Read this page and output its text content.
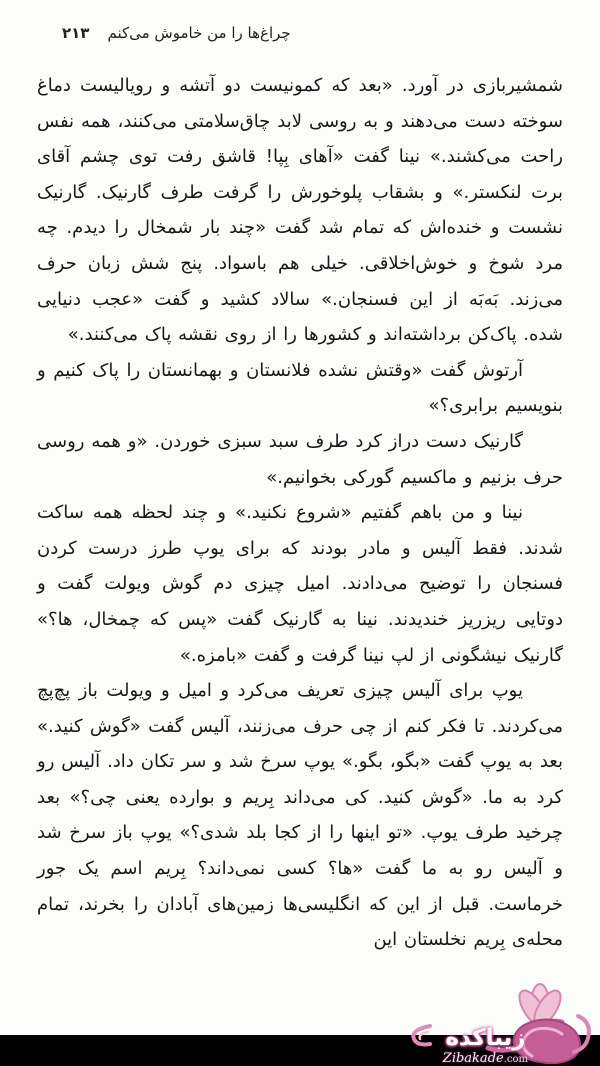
۲۱۳ چراغ‌ها را من خاموش می‌کنم

شمشیربازی در آورد. «بعد که کمونیست دو آتشه و رویالیست دماغ سوخته دست می‌دهند و به روسی لابد چاق‌سلامتی می‌کنند، همه نفس راحت می‌کشند.» نینا گفت «آهای بِپا! قاشق رفت توی چشم آقای برت لنکستر.» و بشقاب پلوخورش را گرفت طرف گارنیک. گارنیک نشست و خنده‌اش که تمام شد گفت «چند بار شمخال را دیدم. چه مرد شوخ و خوش‌اخلاقی. خیلی هم باسواد. پنج شش زبان حرف می‌زند. بَه‌بَه از این فسنجان.» سالاد کشید و گفت «عجب دنیایی شده. پاک‌کن برداشته‌اند و کشورها را از روی نقشه پاک می‌کنند.»

آرتوش گفت «وقتش نشده فلانستان و بهمانستان را پاک کنیم و بنویسیم برابری؟»

گارنیک دست دراز کرد طرف سبد سبزی خوردن. «و همه روسی حرف بزنیم و ماکسیم گورکی بخوانیم.»

نینا و من باهم گفتیم «شروع نکنید.» و چند لحظه همه ساکت شدند. فقط آلیس و مادر بودند که برای یوپ طرز درست کردن فسنجان را توضیح می‌دادند. امیل چیزی دم گوش ویولت گفت و دوتایی ریزریز خندیدند. نینا به گارنیک گفت «پس که چمخال، ها؟» گارنیک نیشگونی از لپ نینا گرفت و گفت «بامزه.»

یوپ برای آلیس چیزی تعریف می‌کرد و امیل و ویولت باز پچ‌پچ می‌کردند. تا فکر کنم از چی حرف می‌زنند، آلیس گفت «گوش کنید.» بعد به یوپ گفت «بگو، بگو.» یوپ سرخ شد و سر تکان داد. آلیس رو کرد به ما. «گوش کنید. کی می‌داند بِریم و بوارده یعنی چی؟» بعد چرخید طرف یوپ. «تو اینها را از کجا بلد شدی؟» یوپ باز سرخ شد و آلیس رو به ما گفت «ها؟ کسی نمی‌داند؟ بِریم اسم یک جور خرماست. قبل از این که انگلیسی‌ها زمین‌های آبادان را بخرند، تمام محله‌ی بِریم نخلستان این

زیباکده
Zibakade.com
